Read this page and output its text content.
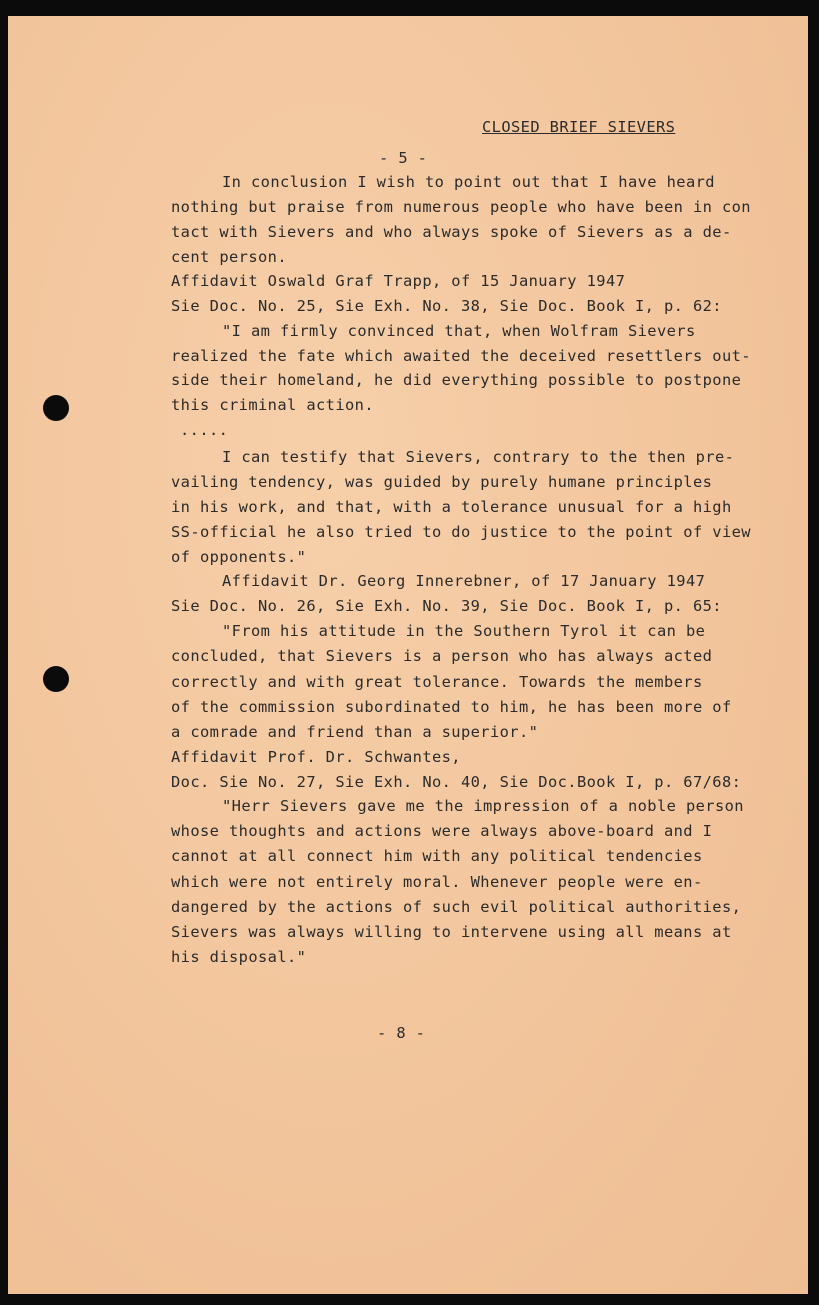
CLOSED BRIEF SIEVERS
- 5 -
In conclusion I wish to point out that I have heard
nothing but praise from numerous people who have been in con
tact with Sievers and who always spoke of Sievers as a de-
cent person.
Affidavit Oswald Graf Trapp, of 15 January 1947
Sie Doc. No. 25, Sie Exh. No. 38, Sie Doc. Book I, p. 62:
"I am firmly convinced that, when Wolfram Sievers
realized the fate which awaited the deceived resettlers out-
side their homeland, he did everything possible to postpone
this criminal action.
.....
I can testify that Sievers, contrary to the then pre-
vailing tendency, was guided by purely humane principles
in his work, and that, with a tolerance unusual for a high
SS-official he also tried to do justice to the point of view
of opponents."
Affidavit Dr. Georg Innerebner, of 17 January 1947
Sie Doc. No. 26, Sie Exh. No. 39, Sie Doc. Book I, p. 65:
"From his attitude in the Southern Tyrol it can be
concluded, that Sievers is a person who has always acted
correctly and with great tolerance. Towards the members
of the commission subordinated to him, he has been more of
a comrade and friend than a superior."
Affidavit Prof. Dr. Schwantes,
Doc. Sie No. 27, Sie Exh. No. 40, Sie Doc.Book I, p. 67/68:
"Herr Sievers gave me the impression of a noble person
whose thoughts and actions were always above-board and I
cannot at all connect him with any political tendencies
which were not entirely moral. Whenever people were en-
dangered by the actions of such evil political authorities,
Sievers was always willing to intervene using all means at
his disposal."
- 8 -
